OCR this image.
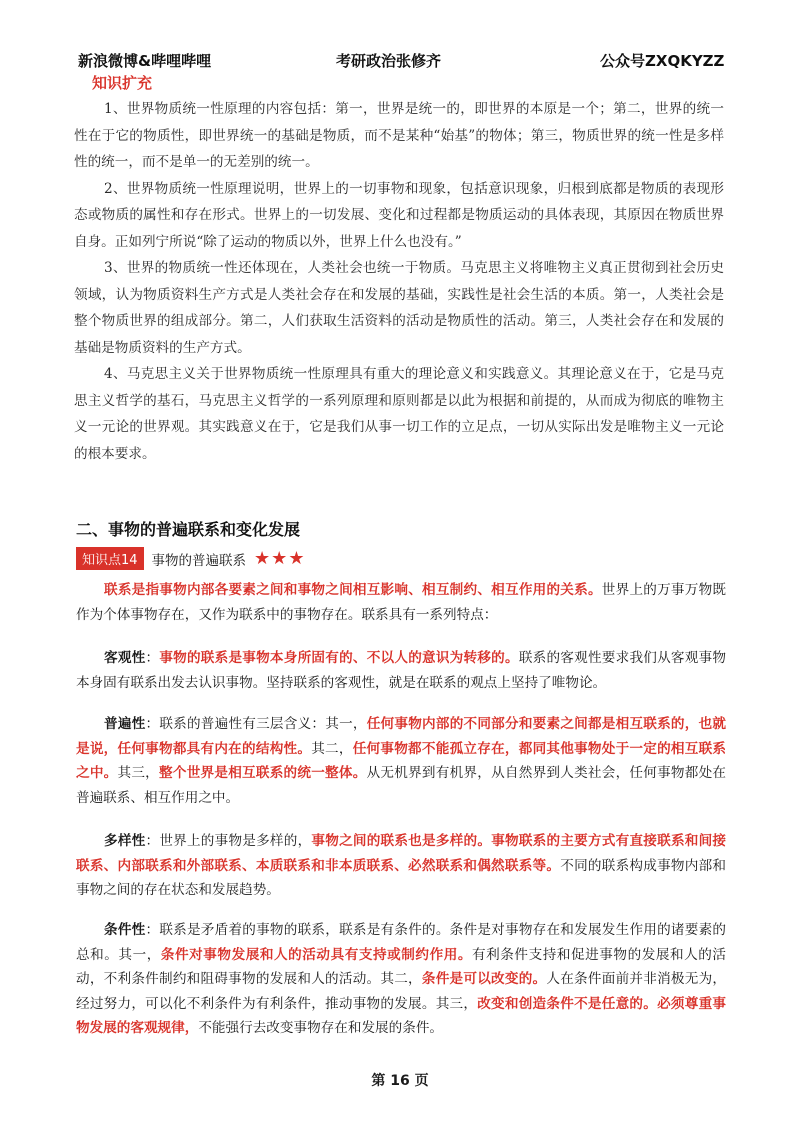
新浪微博&哔哩哔哩	考研政治张修齐	公众号ZXQKYZZ
知识扩充

1、世界物质统一性原理的内容包括：第一，世界是统一的，即世界的本原是一个；第二，世界的统一性在于它的物质性，即世界统一的基础是物质，而不是某种“始基”的物体；第三，物质世界的统一性是多样性的统一，而不是单一的无差别的统一。

2、世界物质统一性原理说明，世界上的一切事物和现象，包括意识现象，归根到底都是物质的表现形态或物质的属性和存在形式。世界上的一切发展、变化和过程都是物质运动的具体表现，其原因在物质世界自身。正如列宁所说“除了运动的物质以外，世界上什么也没有。”

3、世界的物质统一性还体现在，人类社会也统一于物质。马克思主义将唯物主义真正贯彻到社会历史领域，认为物质资料生产方式是人类社会存在和发展的基础，实践性是社会生活的本质。第一，人类社会是整个物质世界的组成部分。第二，人们获取生活资料的活动是物质性的活动。第三，人类社会存在和发展的基础是物质资料的生产方式。

4、马克思主义关于世界物质统一性原理具有重大的理论意义和实践意义。其理论意义在于，它是马克思主义哲学的基石，马克思主义哲学的一系列原理和原则都是以此为根据和前提的，从而成为彻底的唯物主义一元论的世界观。其实践意义在于，它是我们从事一切工作的立足点，一切从实际出发是唯物主义一元论的根本要求。

二、事物的普遍联系和变化发展
知识点14	事物的普遍联系 ★★★

联系是指事物内部各要素之间和事物之间相互影响、相互制约、相互作用的关系。世界上的万事万物既作为个体事物存在，又作为联系中的事物存在。联系具有一系列特点：

客观性：事物的联系是事物本身所固有的、不以人的意识为转移的。联系的客观性要求我们从客观事物本身固有联系出发去认识事物。坚持联系的客观性，就是在联系的观点上坚持了唯物论。

普遍性：联系的普遍性有三层含义：其一，任何事物内部的不同部分和要素之间都是相互联系的，也就是说，任何事物都具有内在的结构性。其二，任何事物都不能孤立存在，都同其他事物处于一定的相互联系之中。其三，整个世界是相互联系的统一整体。从无机界到有机界，从自然界到人类社会，任何事物都处在普遍联系、相互作用之中。

多样性：世界上的事物是多样的，事物之间的联系也是多样的。事物联系的主要方式有直接联系和间接联系、内部联系和外部联系、本质联系和非本质联系、必然联系和偶然联系等。不同的联系构成事物内部和事物之间的存在状态和发展趋势。

条件性：联系是矛盾着的事物的联系，联系是有条件的。条件是对事物存在和发展发生作用的诸要素的总和。其一，条件对事物发展和人的活动具有支持或制约作用。有利条件支持和促进事物的发展和人的活动，不利条件制约和阻碍事物的发展和人的活动。其二，条件是可以改变的。人在条件面前并非消极无为，经过努力，可以化不利条件为有利条件，推动事物的发展。其三，改变和创造条件不是任意的。必须尊重事物发展的客观规律，不能强行去改变事物存在和发展的条件。

第 16 页
